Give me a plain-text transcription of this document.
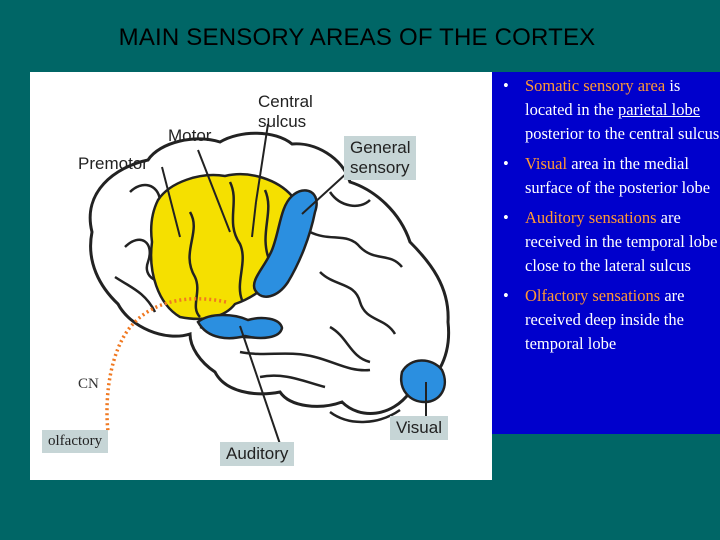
MAIN SENSORY AREAS OF THE CORTEX
CN
Central
sulcus
Motor
Premotor
General
sensory
Visual
Auditory
olfactory
• Somatic sensory area is located in the parietal lobe posterior to the central sulcus
• Visual area in the medial surface of the posterior lobe
• Auditory sensations are received in the temporal lobe close to the lateral sulcus
• Olfactory sensations are received deep inside the temporal lobe
